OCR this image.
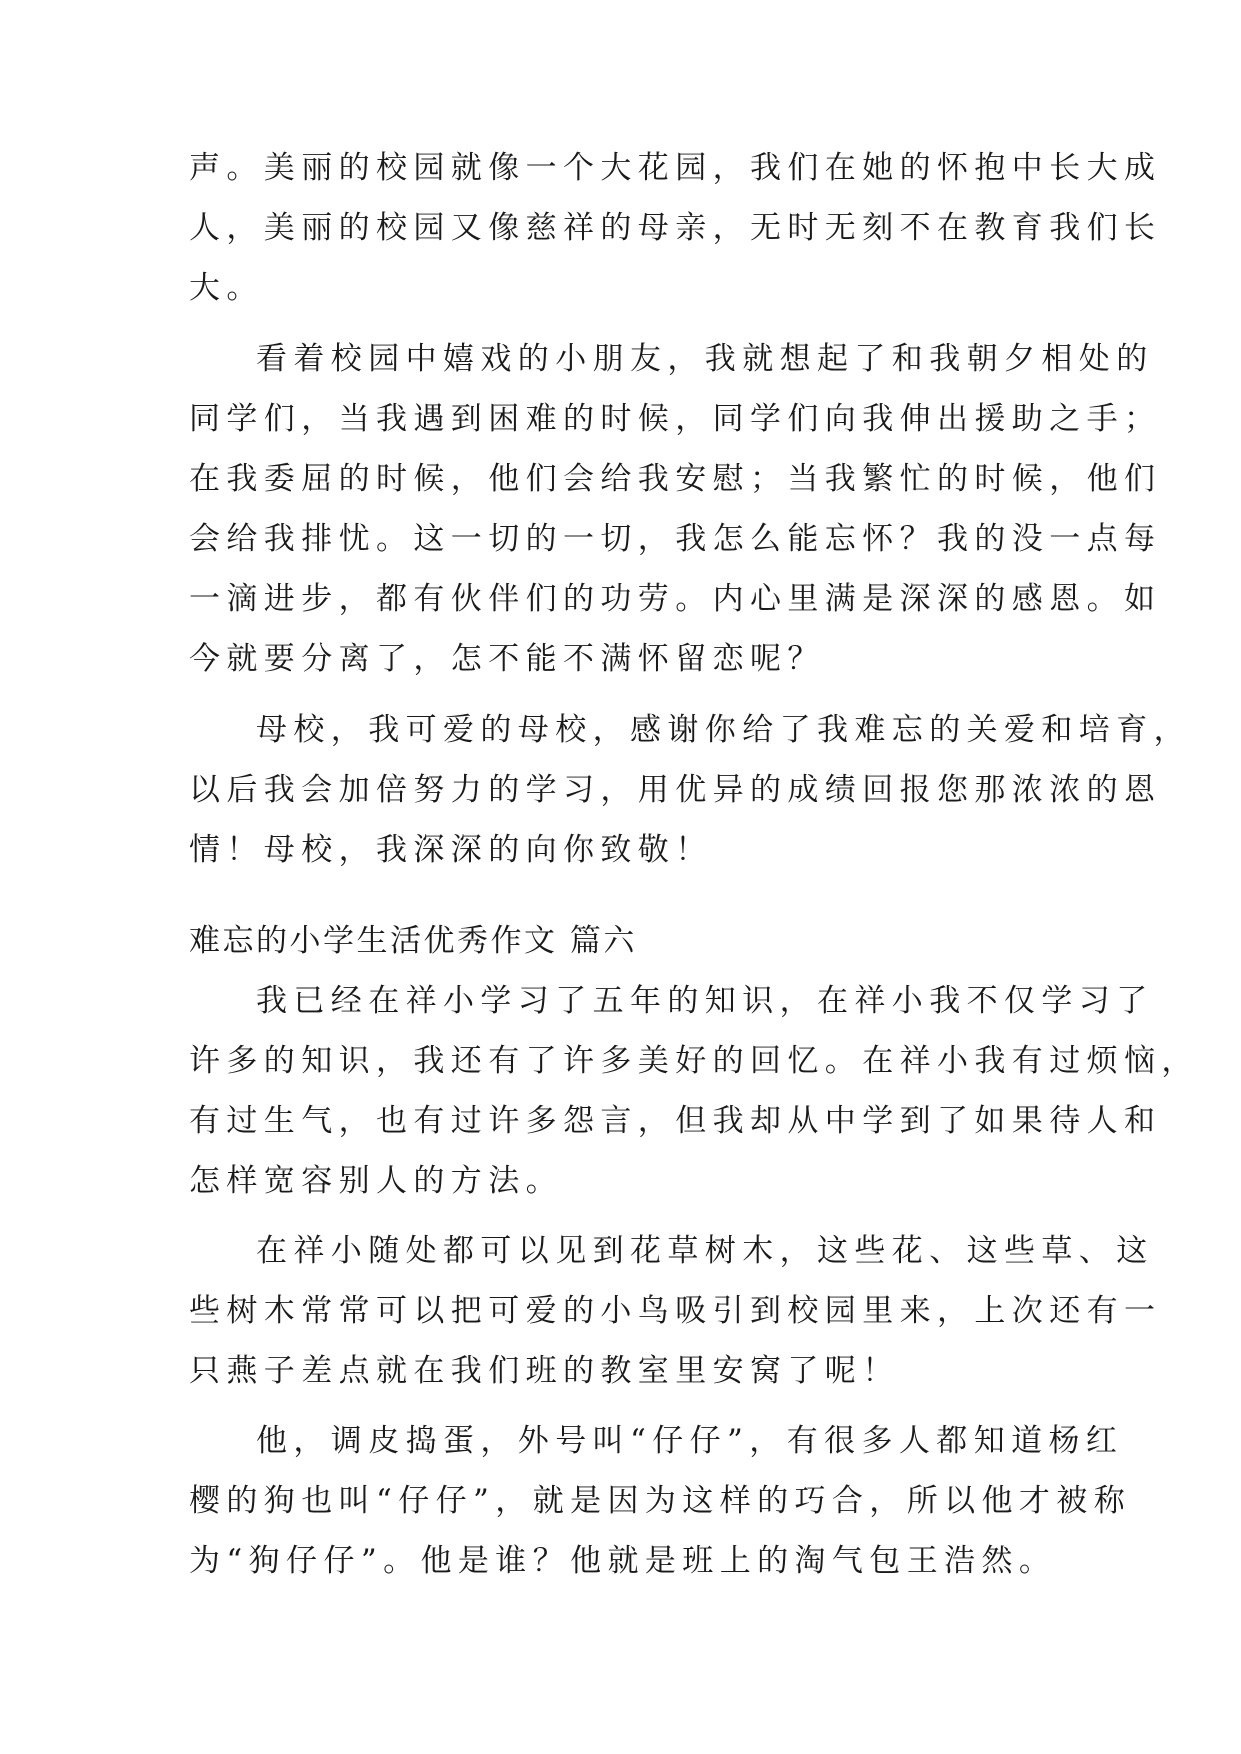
声。美丽的校园就像一个大花园，我们在她的怀抱中长大成

人，美丽的校园又像慈祥的母亲，无时无刻不在教育我们长

大。

看着校园中嬉戏的小朋友，我就想起了和我朝夕相处的

同学们，当我遇到困难的时候，同学们向我伸出援助之手；

在我委屈的时候，他们会给我安慰；当我繁忙的时候，他们

会给我排忧。这一切的一切，我怎么能忘怀？我的没一点每

一滴进步，都有伙伴们的功劳。内心里满是深深的感恩。如

今就要分离了，怎不能不满怀留恋呢？

母校，我可爱的母校，感谢你给了我难忘的关爱和培育，

以后我会加倍努力的学习，用优异的成绩回报您那浓浓的恩

情！母校，我深深的向你致敬！

难忘的小学生活优秀作文 篇六

我已经在祥小学习了五年的知识，在祥小我不仅学习了

许多的知识，我还有了许多美好的回忆。在祥小我有过烦恼，

有过生气，也有过许多怨言，但我却从中学到了如果待人和

怎样宽容别人的方法。

在祥小随处都可以见到花草树木，这些花、这些草、这

些树木常常可以把可爱的小鸟吸引到校园里来，上次还有一

只燕子差点就在我们班的教室里安窝了呢！

他，调皮捣蛋，外号叫“仔仔”，有很多人都知道杨红

樱的狗也叫“仔仔”，就是因为这样的巧合，所以他才被称

为“狗仔仔”。他是谁？他就是班上的淘气包王浩然。
